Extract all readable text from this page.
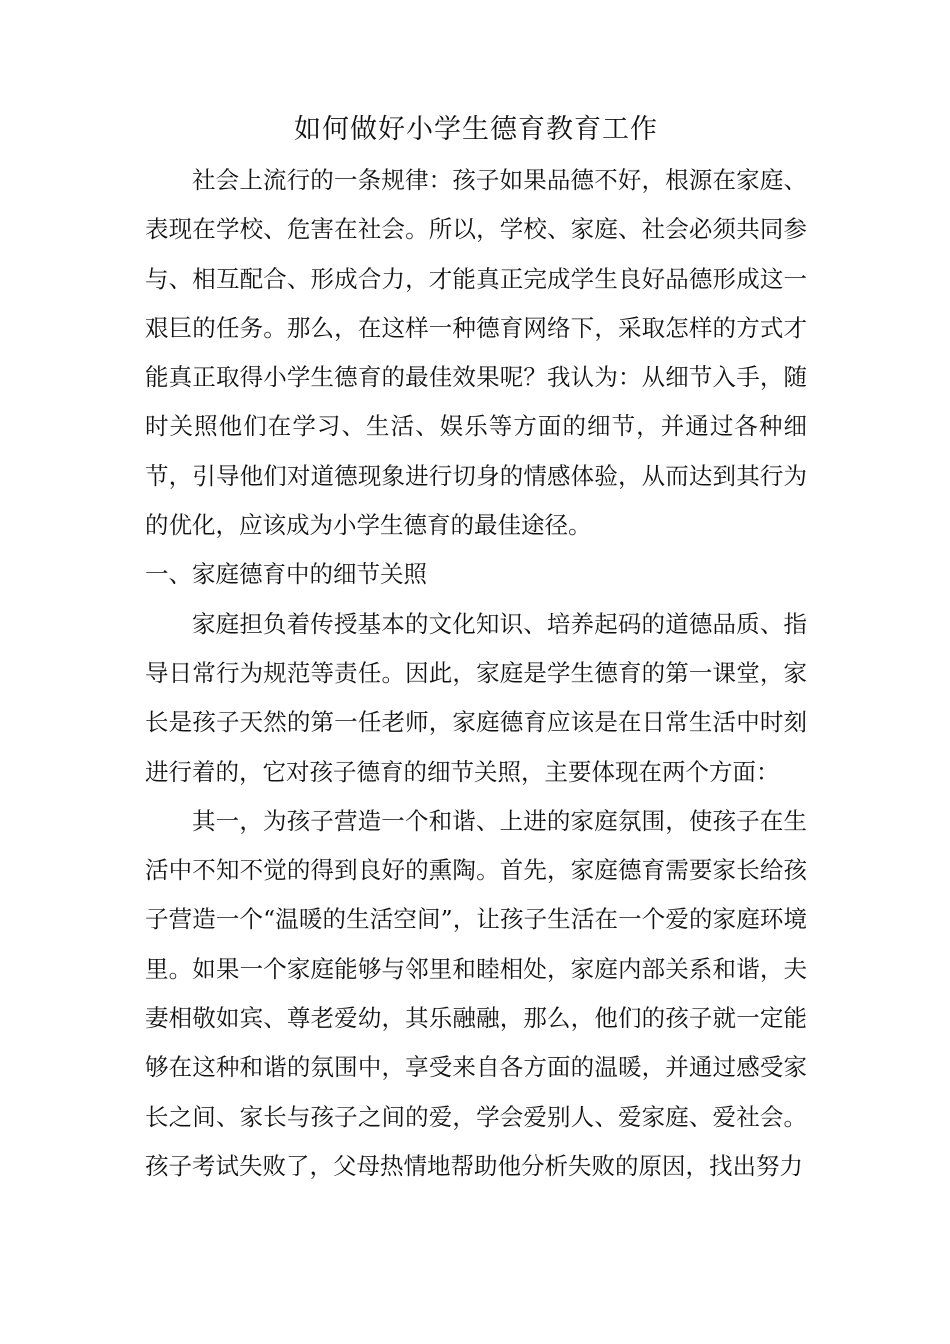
如何做好小学生德育教育工作

社会上流行的一条规律：孩子如果品德不好，根源在家庭、表现在学校、危害在社会。所以，学校、家庭、社会必须共同参与、相互配合、形成合力，才能真正完成学生良好品德形成这一艰巨的任务。那么，在这样一种德育网络下，采取怎样的方式才能真正取得小学生德育的最佳效果呢？我认为：从细节入手，随时关照他们在学习、生活、娱乐等方面的细节，并通过各种细节，引导他们对道德现象进行切身的情感体验，从而达到其行为的优化，应该成为小学生德育的最佳途径。

一、家庭德育中的细节关照

家庭担负着传授基本的文化知识、培养起码的道德品质、指导日常行为规范等责任。因此，家庭是学生德育的第一课堂，家长是孩子天然的第一任老师，家庭德育应该是在日常生活中时刻进行着的，它对孩子德育的细节关照，主要体现在两个方面：

其一，为孩子营造一个和谐、上进的家庭氛围，使孩子在生活中不知不觉的得到良好的熏陶。首先，家庭德育需要家长给孩子营造一个“温暖的生活空间”，让孩子生活在一个爱的家庭环境里。如果一个家庭能够与邻里和睦相处，家庭内部关系和谐，夫妻相敬如宾、尊老爱幼，其乐融融，那么，他们的孩子就一定能够在这种和谐的氛围中，享受来自各方面的温暖，并通过感受家长之间、家长与孩子之间的爱，学会爱别人、爱家庭、爱社会。孩子考试失败了，父母热情地帮助他分析失败的原因，找出努力
